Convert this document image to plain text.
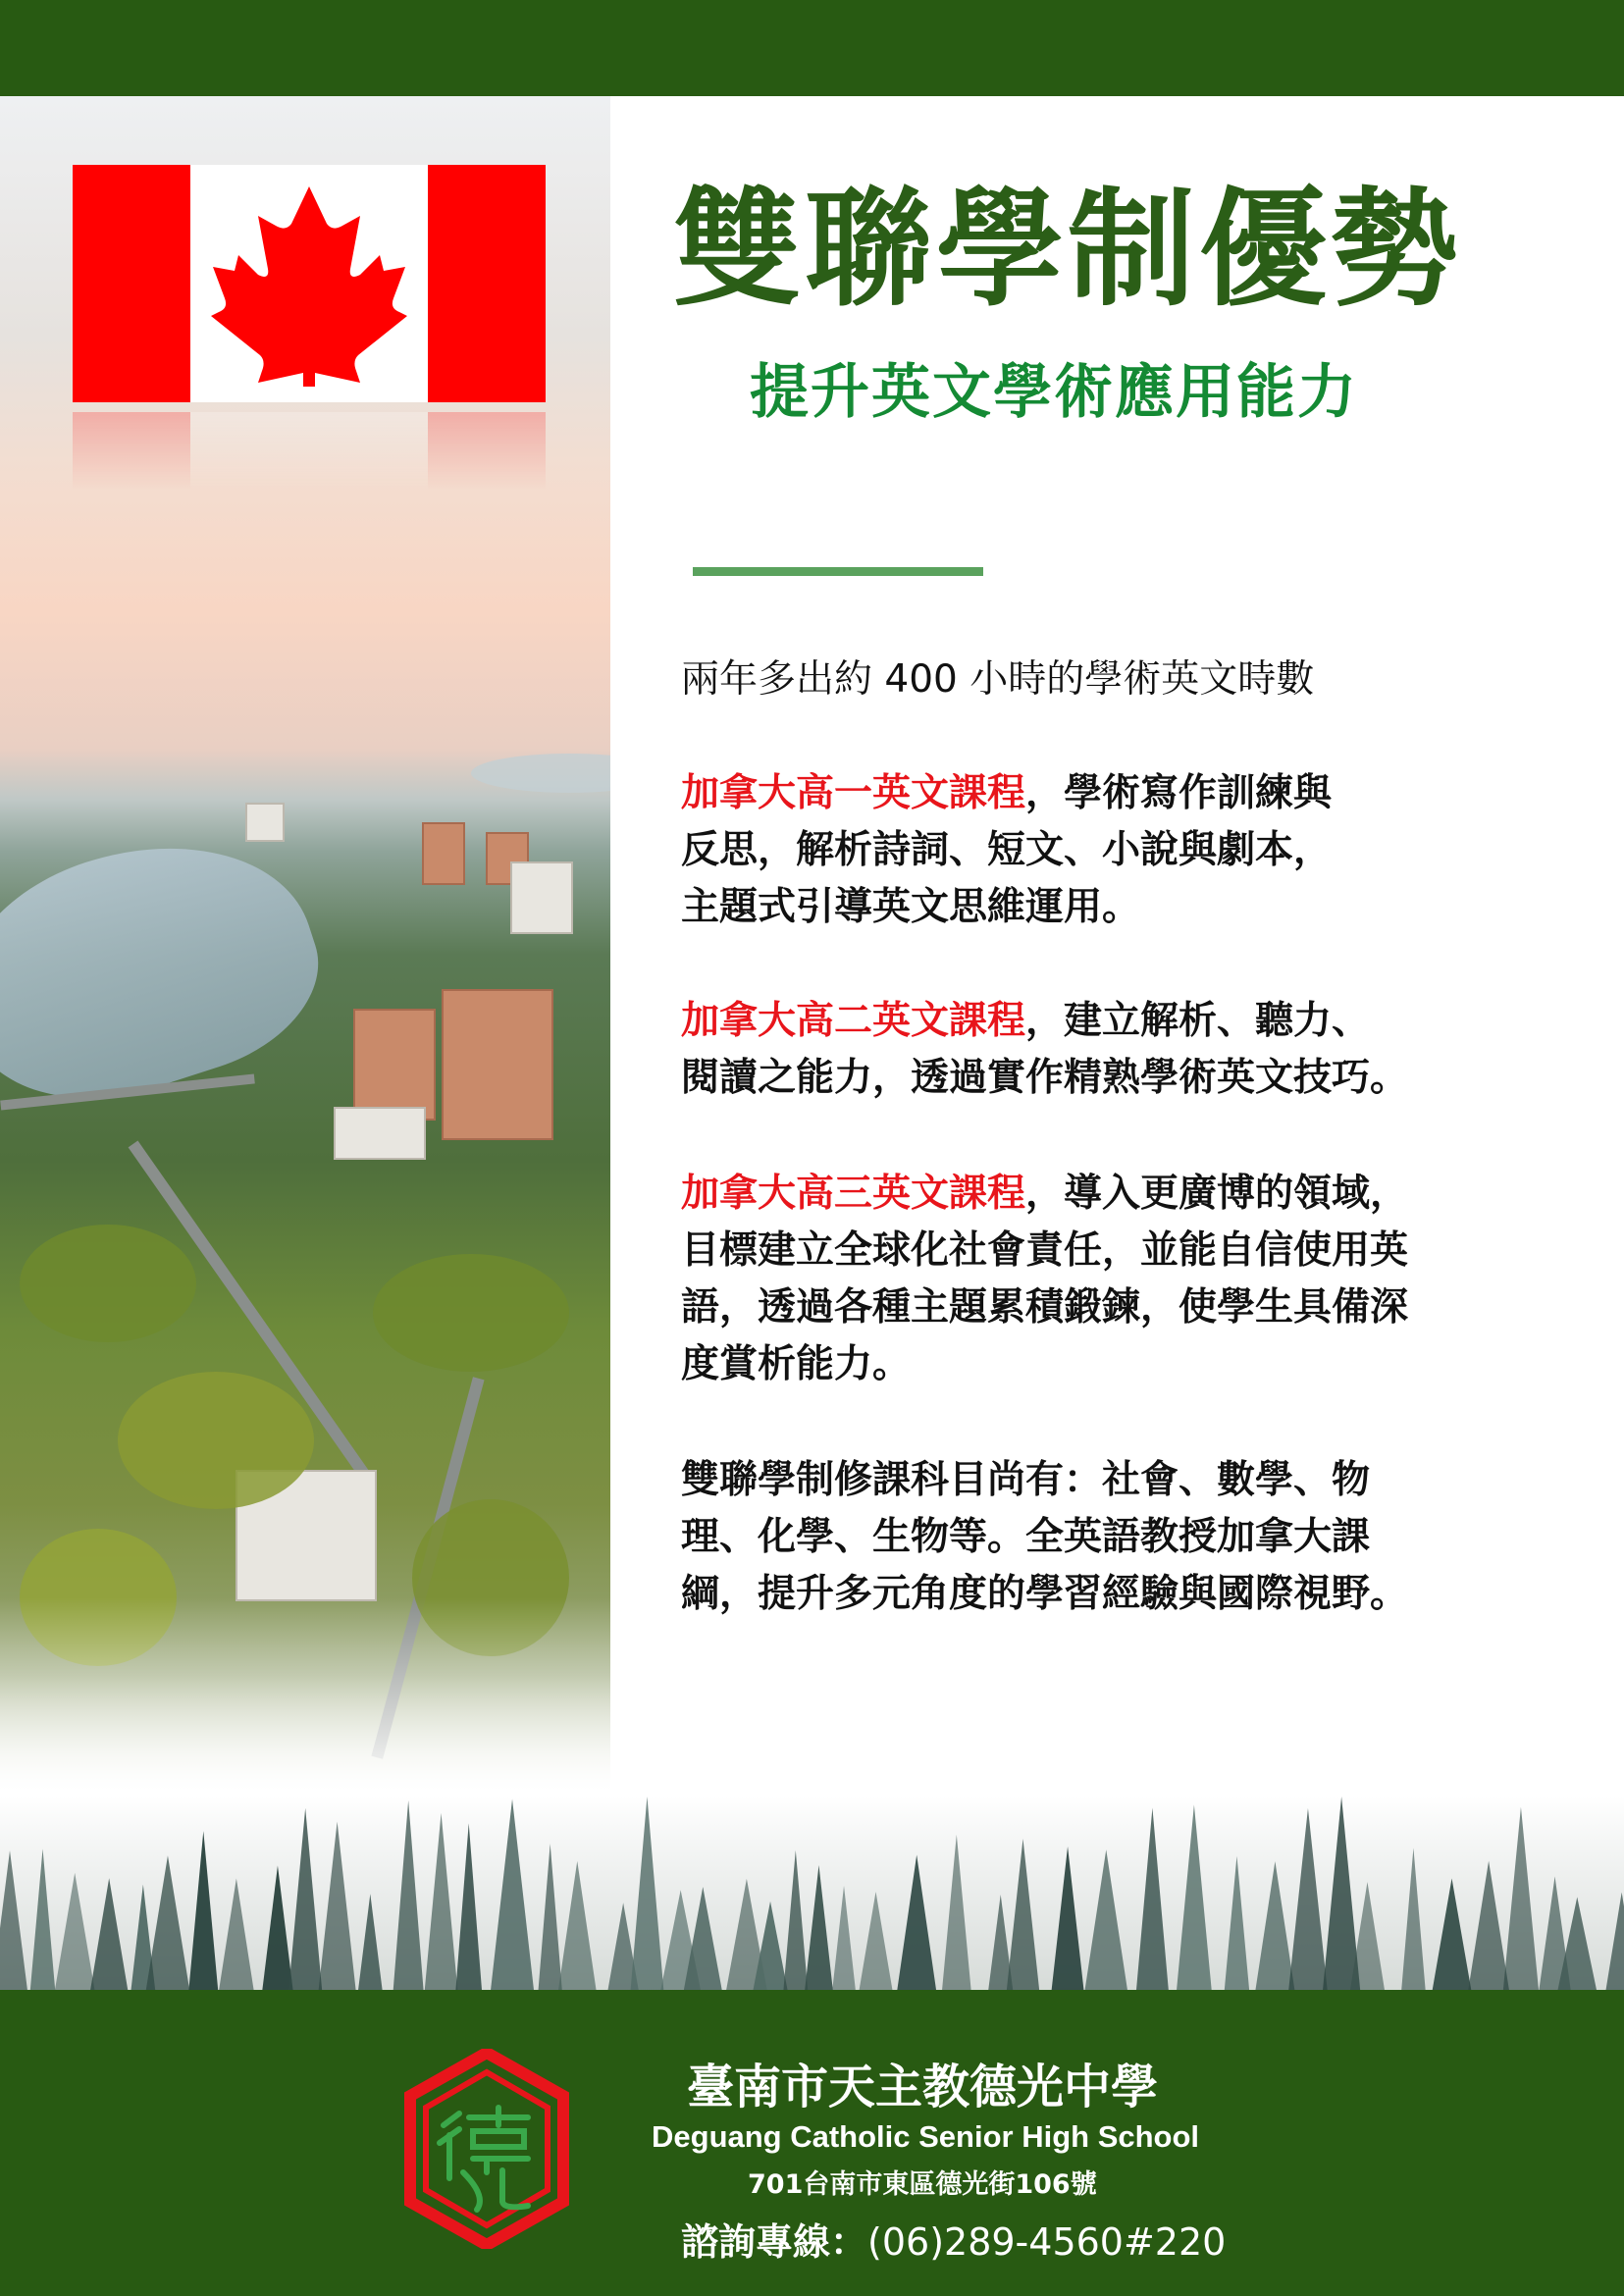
雙聯學制優勢
提升英文學術應用能力
兩年多出約 400 小時的學術英文時數
加拿大高一英文課程，學術寫作訓練與
反思，解析詩詞、短文、小說與劇本，
主題式引導英文思維運用。
加拿大高二英文課程，建立解析、聽力、
閱讀之能力，透過實作精熟學術英文技巧。
加拿大高三英文課程，導入更廣博的領域，
目標建立全球化社會責任，並能自信使用英
語，透過各種主題累積鍛鍊，使學生具備深
度賞析能力。
雙聯學制修課科目尚有：社會、數學、物
理、化學、生物等。全英語教授加拿大課
綱，提升多元角度的學習經驗與國際視野。
臺南市天主教德光中學
Deguang Catholic Senior High School
701台南市東區德光街106號
諮詢專線：(06)289-4560#220
